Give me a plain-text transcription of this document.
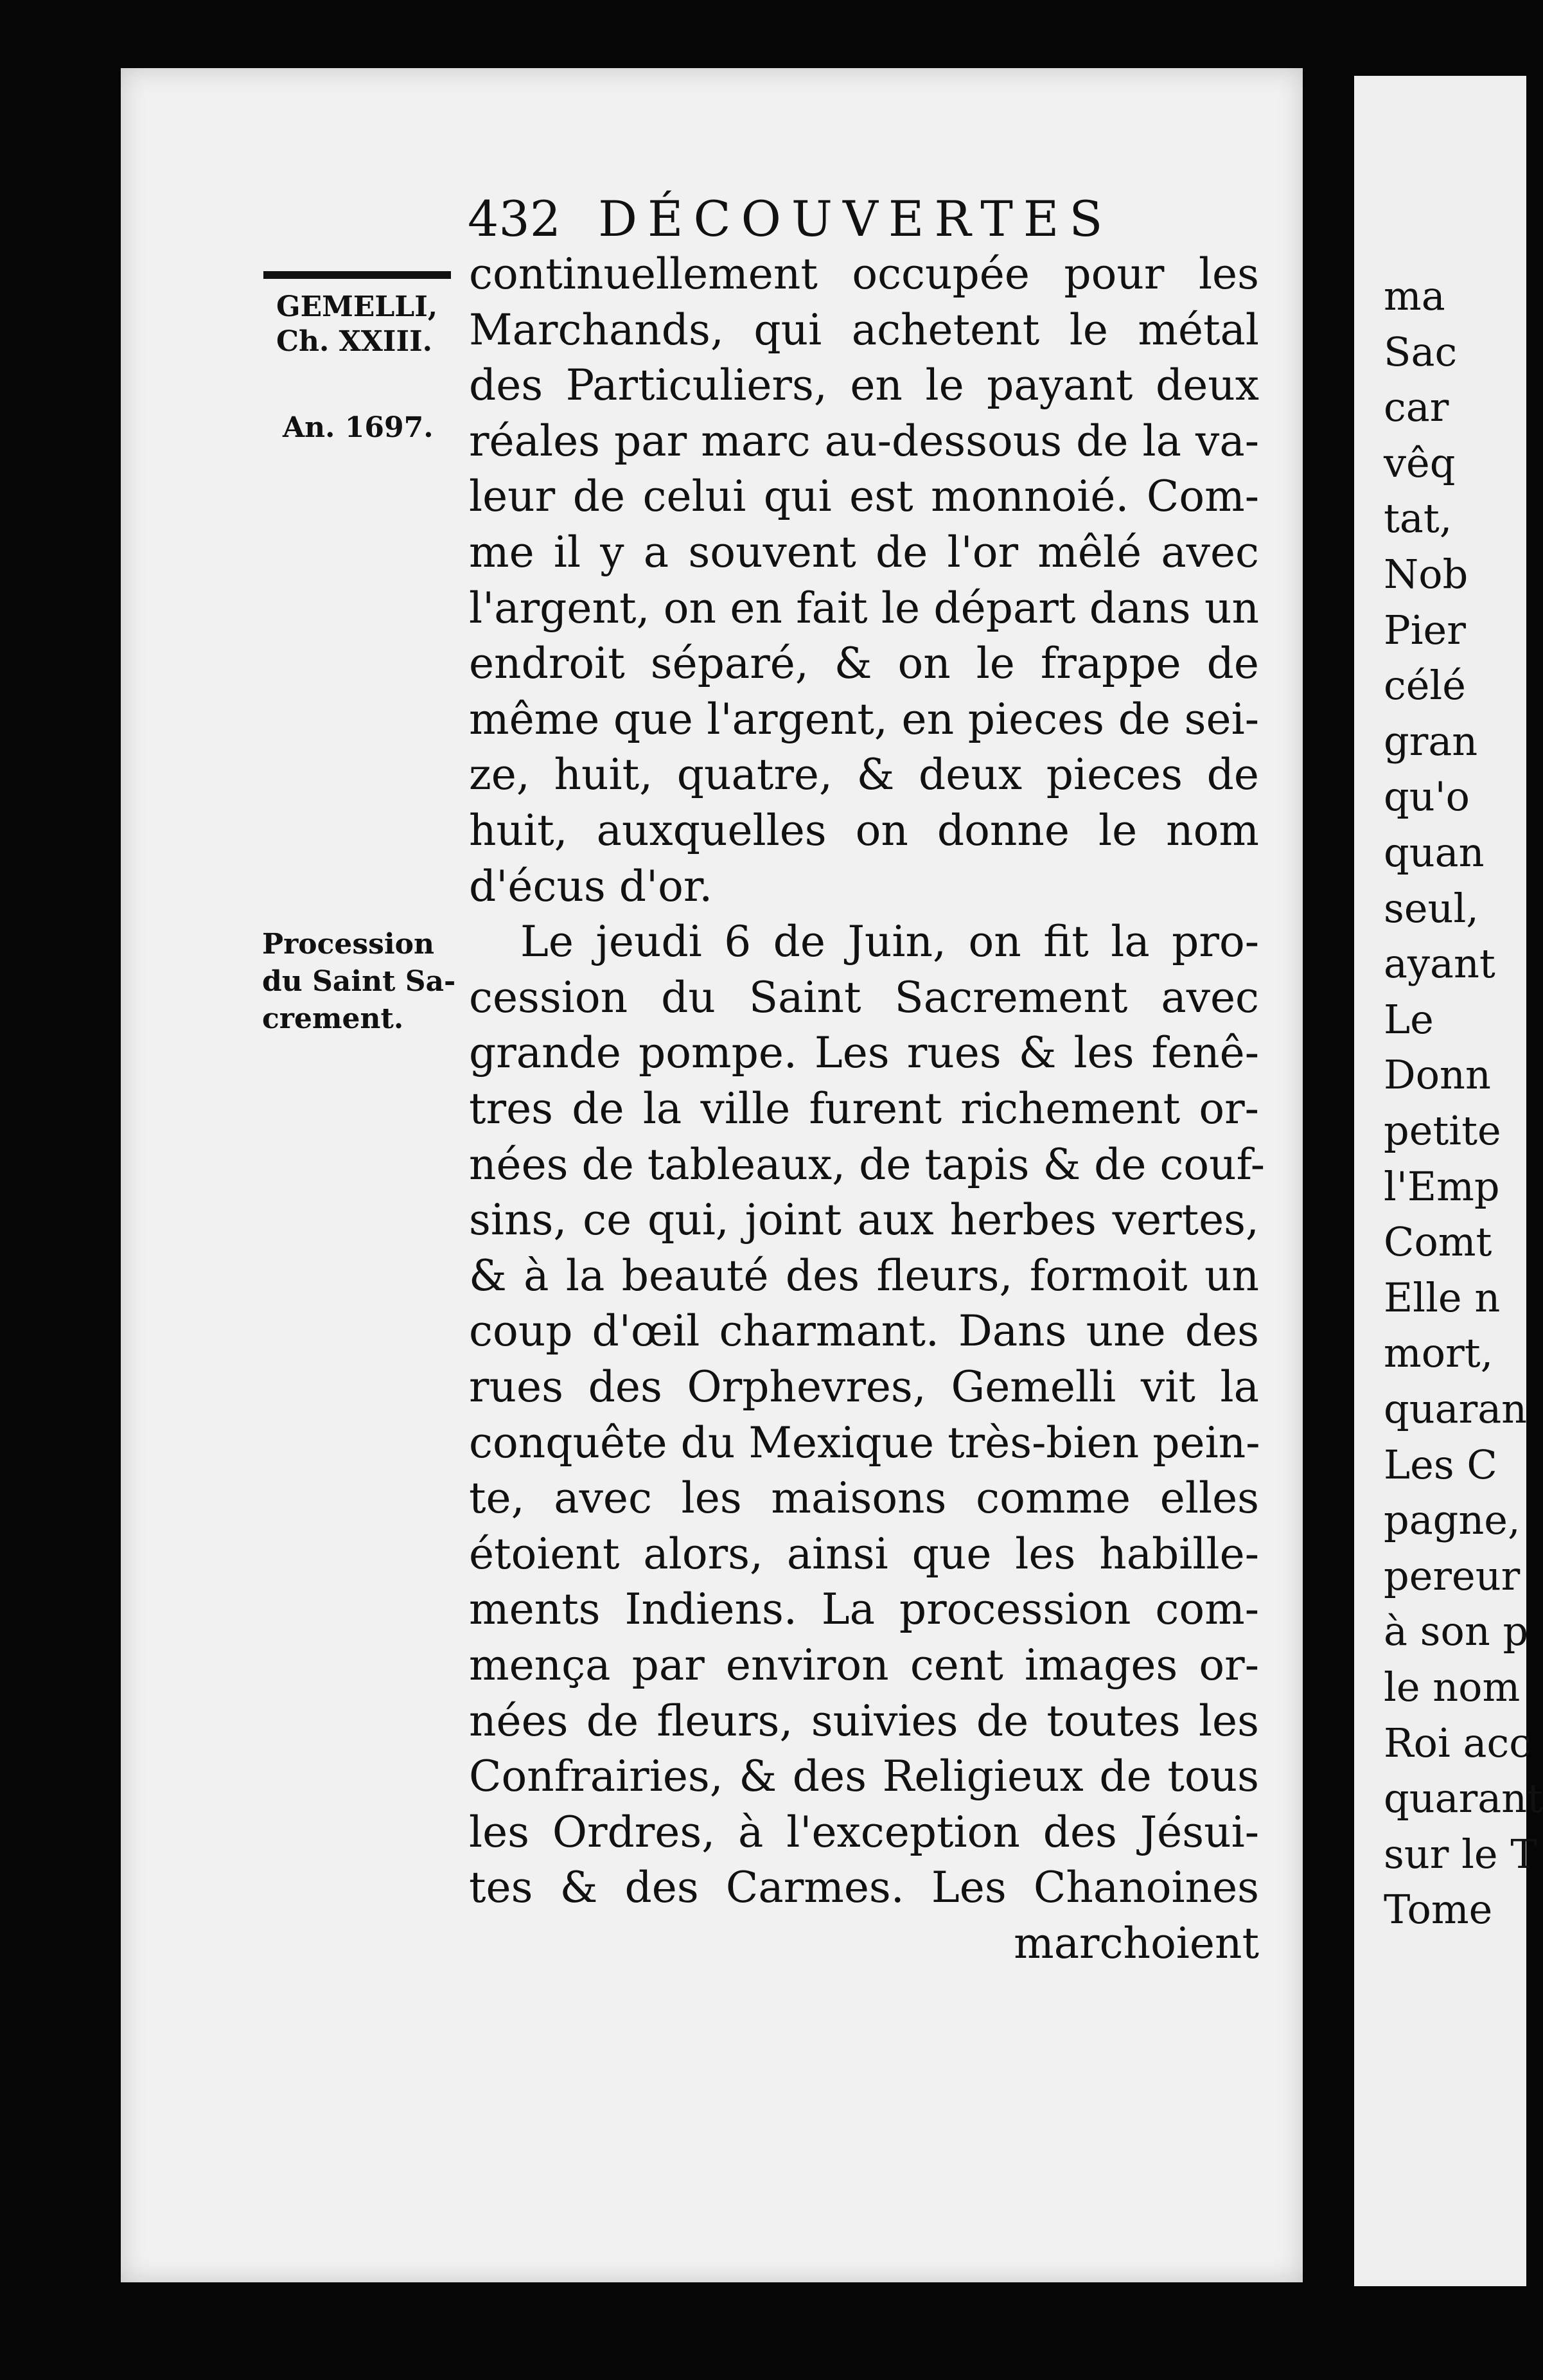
ma
Sac
car
vêq
tat,
Nob
Pier
célé
gran
qu'o
quan
seul,
ayant
Le
Donn
petite
l'Emp
Comt
Elle n
mort,
quaran
Les C
pagne,
pereur
à son p
le nom
Roi acc
quarant
sur le T
Tome
432 DÉCOUVERTES
GEMELLI,
Ch. XXIII.
An. 1697.
Procession
du Saint Sa-
crement.
continuellement occupée pour les
Marchands, qui achetent le métal
des Particuliers, en le payant deux
réales par marc au-dessous de la va-
leur de celui qui est monnoié. Com-
me il y a souvent de l'or mêlé avec
l'argent, on en fait le départ dans un
endroit séparé, & on le frappe de
même que l'argent, en pieces de sei-
ze, huit, quatre, & deux pieces de
huit, auxquelles on donne le nom
d'écus d'or.
Le jeudi 6 de Juin, on fit la pro-
cession du Saint Sacrement avec
grande pompe. Les rues & les fenê-
tres de la ville furent richement or-
nées de tableaux, de tapis & de couf-
sins, ce qui, joint aux herbes vertes,
& à la beauté des fleurs, formoit un
coup d'œil charmant. Dans une des
rues des Orphevres, Gemelli vit la
conquête du Mexique très-bien pein-
te, avec les maisons comme elles
étoient alors, ainsi que les habille-
ments Indiens. La procession com-
mença par environ cent images or-
nées de fleurs, suivies de toutes les
Confrairies, & des Religieux de tous
les Ordres, à l'exception des Jésui-
tes & des Carmes. Les Chanoines
marchoient
